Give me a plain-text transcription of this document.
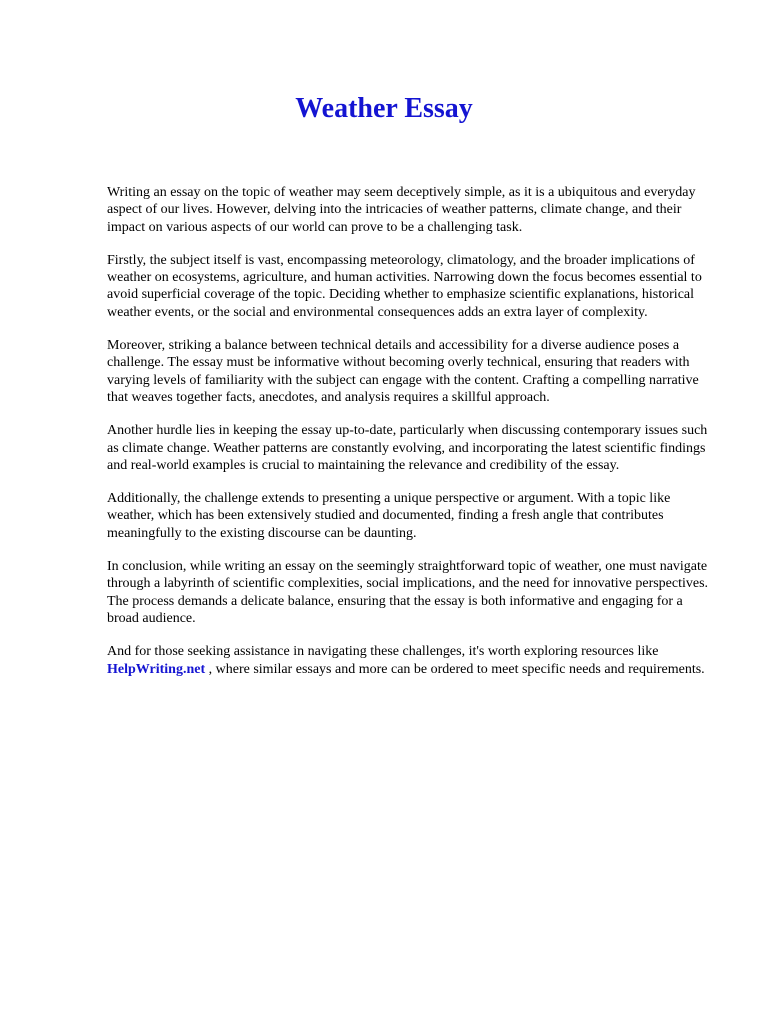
Weather Essay

Writing an essay on the topic of weather may seem deceptively simple, as it is a ubiquitous and everyday aspect of our lives. However, delving into the intricacies of weather patterns, climate change, and their impact on various aspects of our world can prove to be a challenging task.

Firstly, the subject itself is vast, encompassing meteorology, climatology, and the broader implications of weather on ecosystems, agriculture, and human activities. Narrowing down the focus becomes essential to avoid superficial coverage of the topic. Deciding whether to emphasize scientific explanations, historical weather events, or the social and environmental consequences adds an extra layer of complexity.

Moreover, striking a balance between technical details and accessibility for a diverse audience poses a challenge. The essay must be informative without becoming overly technical, ensuring that readers with varying levels of familiarity with the subject can engage with the content. Crafting a compelling narrative that weaves together facts, anecdotes, and analysis requires a skillful approach.

Another hurdle lies in keeping the essay up-to-date, particularly when discussing contemporary issues such as climate change. Weather patterns are constantly evolving, and incorporating the latest scientific findings and real-world examples is crucial to maintaining the relevance and credibility of the essay.

Additionally, the challenge extends to presenting a unique perspective or argument. With a topic like weather, which has been extensively studied and documented, finding a fresh angle that contributes meaningfully to the existing discourse can be daunting.

In conclusion, while writing an essay on the seemingly straightforward topic of weather, one must navigate through a labyrinth of scientific complexities, social implications, and the need for innovative perspectives. The process demands a delicate balance, ensuring that the essay is both informative and engaging for a broad audience.

And for those seeking assistance in navigating these challenges, it's worth exploring resources like
HelpWriting.net , where similar essays and more can be ordered to meet specific needs and requirements.
